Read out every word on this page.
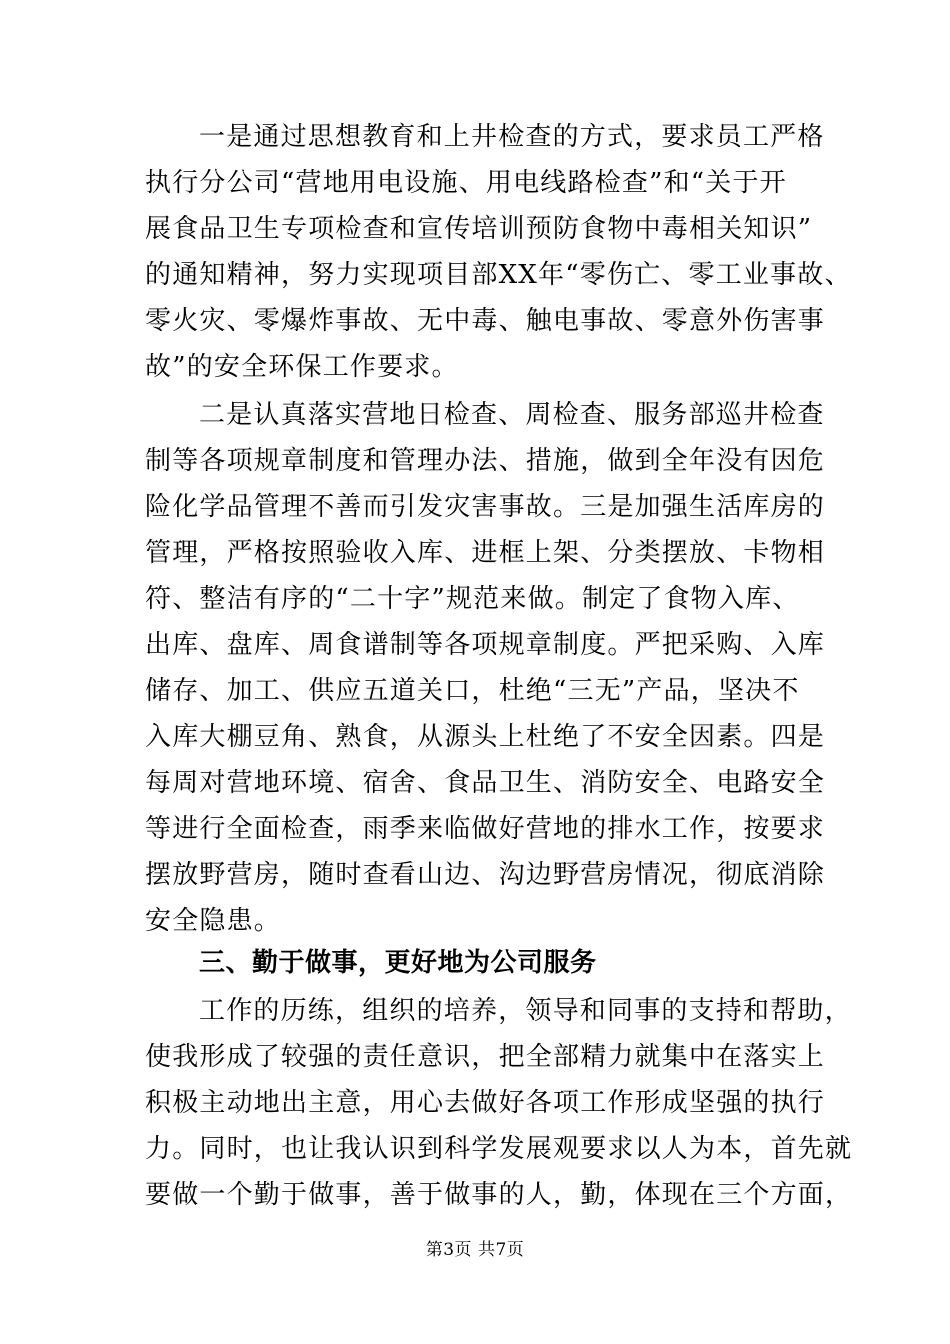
一是通过思想教育和上井检查的方式，要求员工严格
执行分公司“营地用电设施、用电线路检查”和“关于开
展食品卫生专项检查和宣传培训预防食物中毒相关知识”
的通知精神，努力实现项目部XX年“零伤亡、零工业事故、
零火灾、零爆炸事故、无中毒、触电事故、零意外伤害事
故”的安全环保工作要求。
二是认真落实营地日检查、周检查、服务部巡井检查
制等各项规章制度和管理办法、措施，做到全年没有因危
险化学品管理不善而引发灾害事故。三是加强生活库房的
管理，严格按照验收入库、进框上架、分类摆放、卡物相
符、整洁有序的“二十字”规范来做。制定了食物入库、
出库、盘库、周食谱制等各项规章制度。严把采购、入库
储存、加工、供应五道关口，杜绝“三无”产品，坚决不
入库大棚豆角、熟食，从源头上杜绝了不安全因素。四是
每周对营地环境、宿舍、食品卫生、消防安全、电路安全
等进行全面检查，雨季来临做好营地的排水工作，按要求
摆放野营房，随时查看山边、沟边野营房情况，彻底消除
安全隐患。
三、勤于做事，更好地为公司服务
工作的历练，组织的培养，领导和同事的支持和帮助，
使我形成了较强的责任意识，把全部精力就集中在落实上
积极主动地出主意，用心去做好各项工作形成坚强的执行
力。同时，也让我认识到科学发展观要求以人为本，首先就
要做一个勤于做事，善于做事的人，勤，体现在三个方面，
第3页 共7页
